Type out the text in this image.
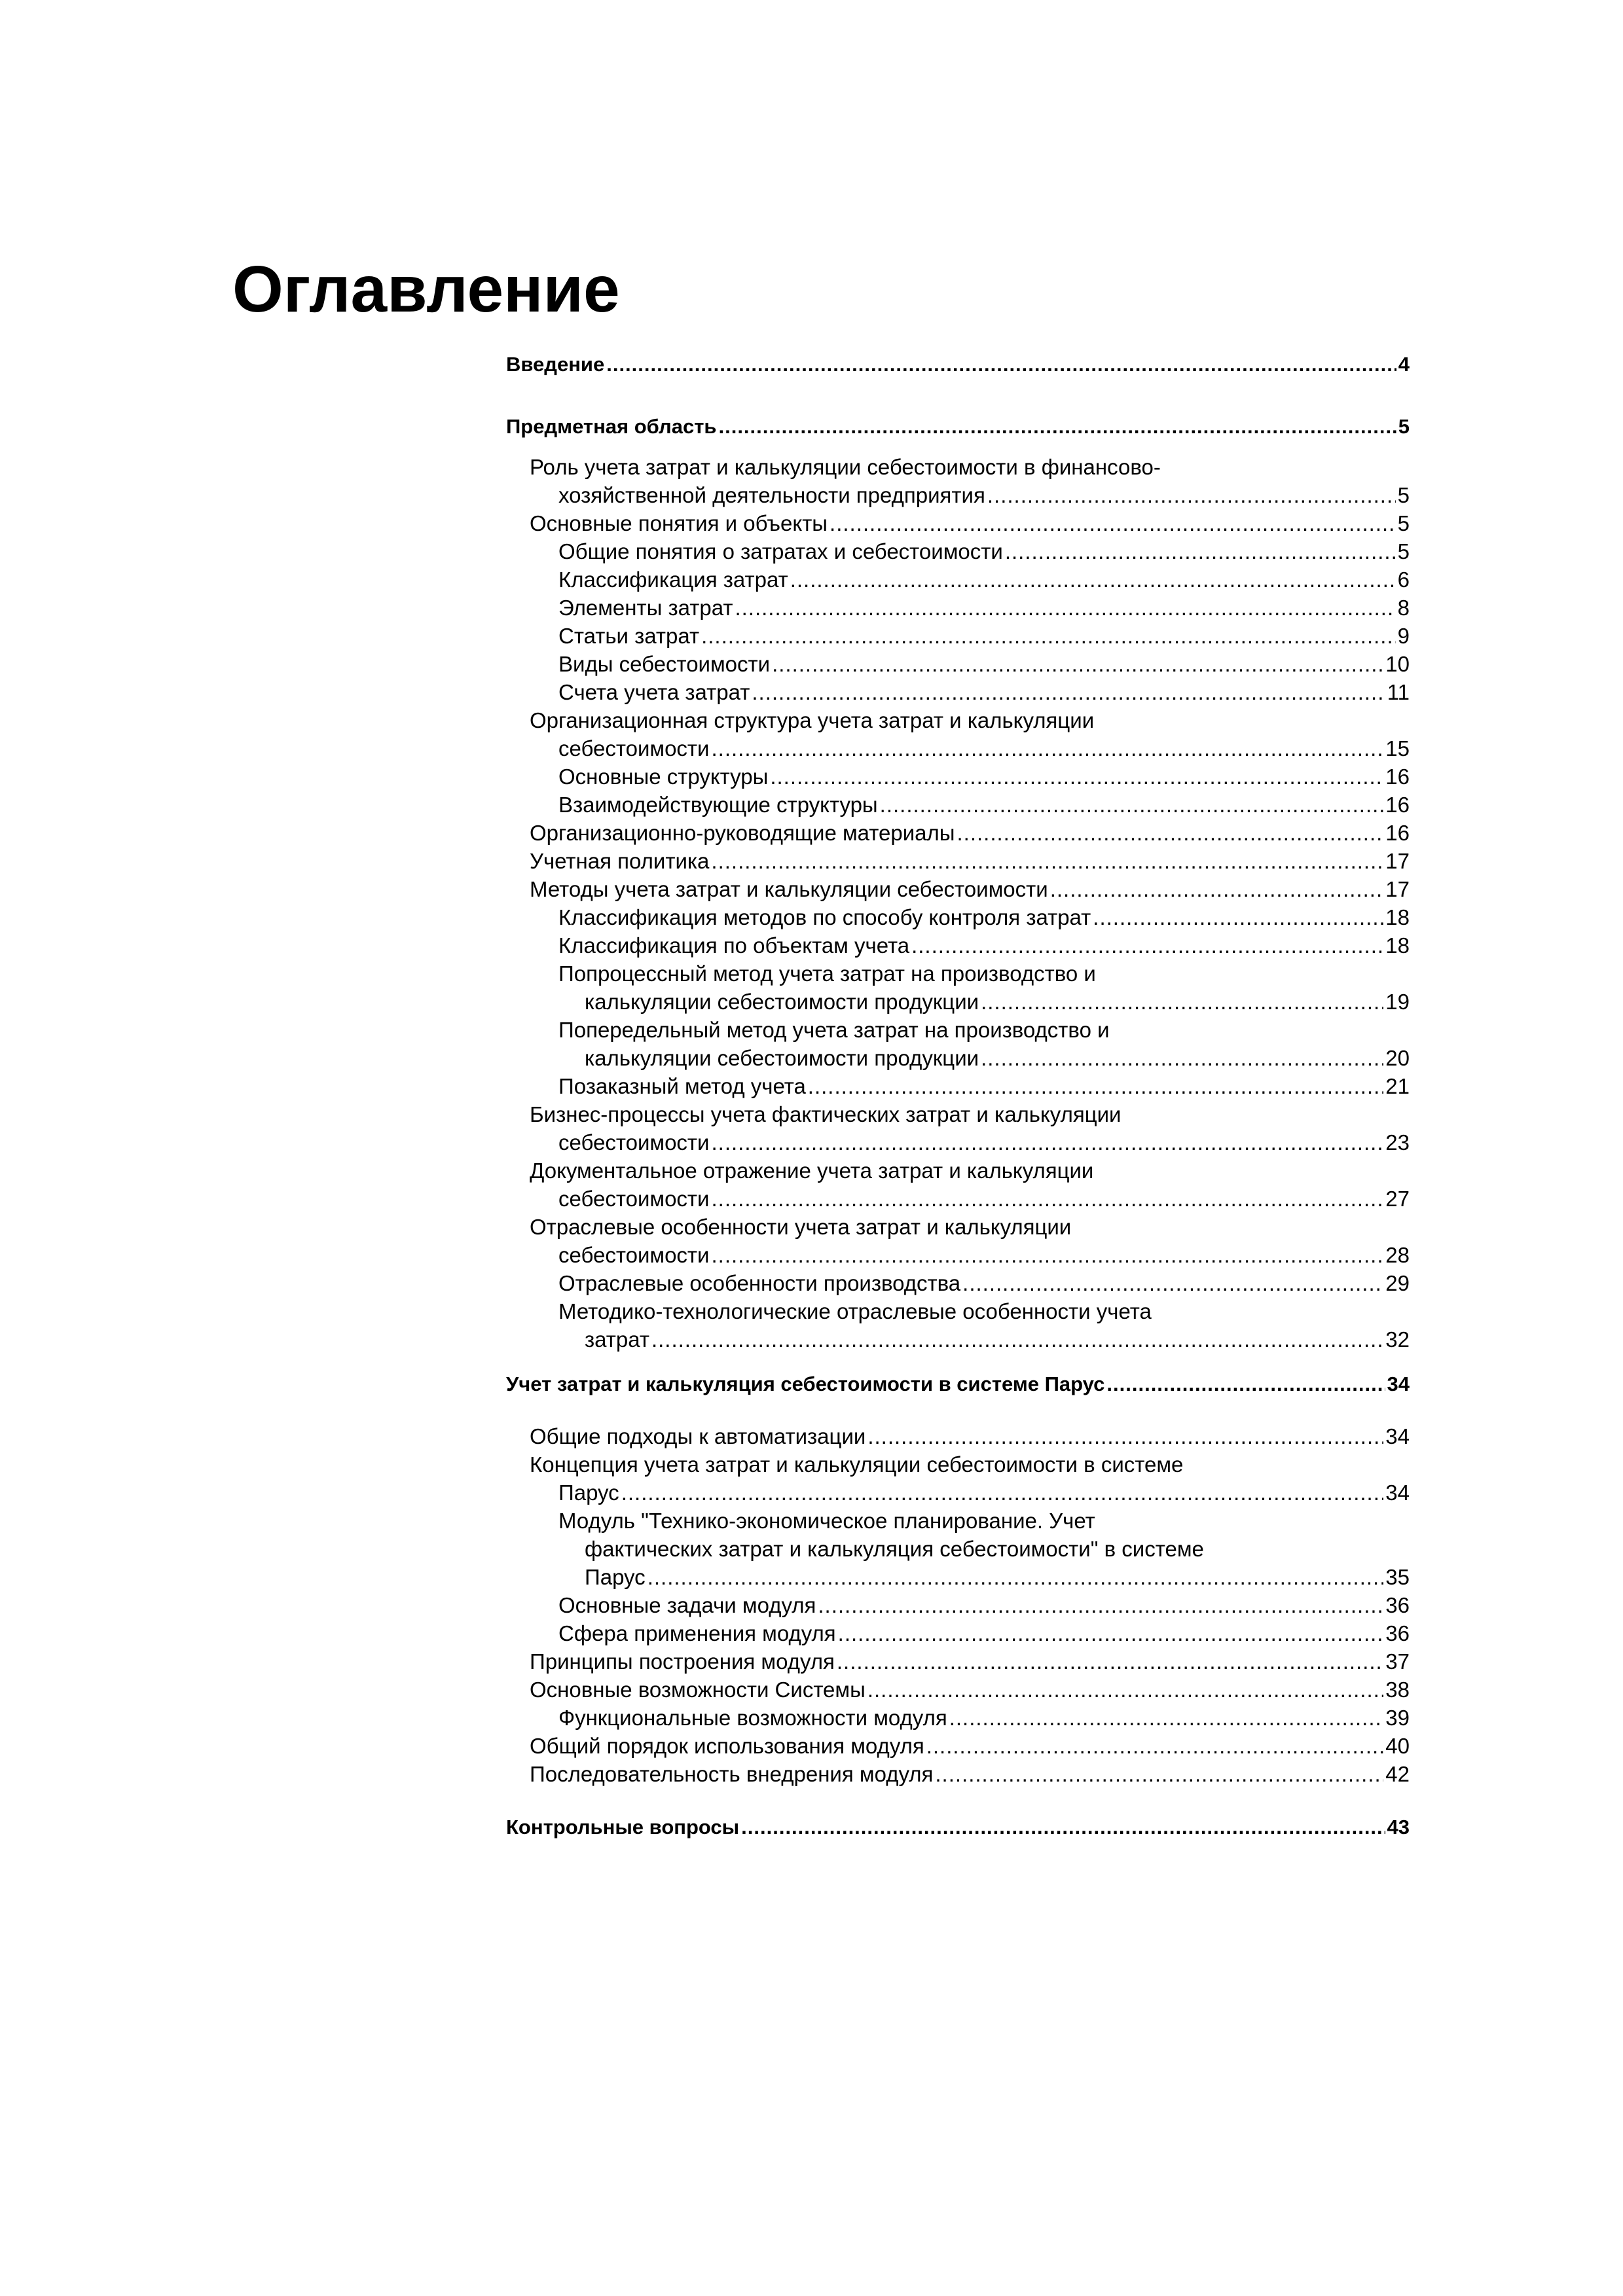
Оглавление
Введение .....	4
Предметная область .....	5
Роль учета затрат и калькуляции себестоимости в финансово-
хозяйственной деятельности предприятия .....	5
Основные понятия и объекты .....	5
Общие понятия о затратах и себестоимости .....	5
Классификация затрат .....	6
Элементы затрат .....	8
Статьи затрат .....	9
Виды себестоимости .....	10
Счета учета затрат .....	11
Организационная структура учета затрат и калькуляции
себестоимости .....	15
Основные структуры .....	16
Взаимодействующие структуры .....	16
Организационно-руководящие материалы .....	16
Учетная политика .....	17
Методы учета затрат и калькуляции себестоимости .....	17
Классификация методов по способу контроля затрат .....	18
Классификация по объектам учета .....	18
Попроцессный метод учета затрат на производство и
калькуляции себестоимости продукции .....	19
Попередельный метод учета затрат на производство и
калькуляции себестоимости продукции .....	20
Позаказный метод учета .....	21
Бизнес-процессы учета фактических затрат и калькуляции
себестоимости .....	23
Документальное отражение учета затрат и калькуляции
себестоимости .....	27
Отраслевые особенности учета затрат и калькуляции
себестоимости .....	28
Отраслевые особенности производства .....	29
Методико-технологические отраслевые особенности учета
затрат .....	32
Учет затрат и калькуляция себестоимости в системе Парус .....	34
Общие подходы к автоматизации .....	34
Концепция учета затрат и калькуляции себестоимости в системе
Парус .....	34
Модуль "Технико-экономическое планирование. Учет
фактических затрат и калькуляция себестоимости" в системе
Парус .....	35
Основные задачи модуля .....	36
Сфера применения модуля .....	36
Принципы построения модуля .....	37
Основные возможности Системы .....	38
Функциональные возможности модуля .....	39
Общий порядок использования модуля .....	40
Последовательность внедрения модуля .....	42
Контрольные вопросы .....	43
